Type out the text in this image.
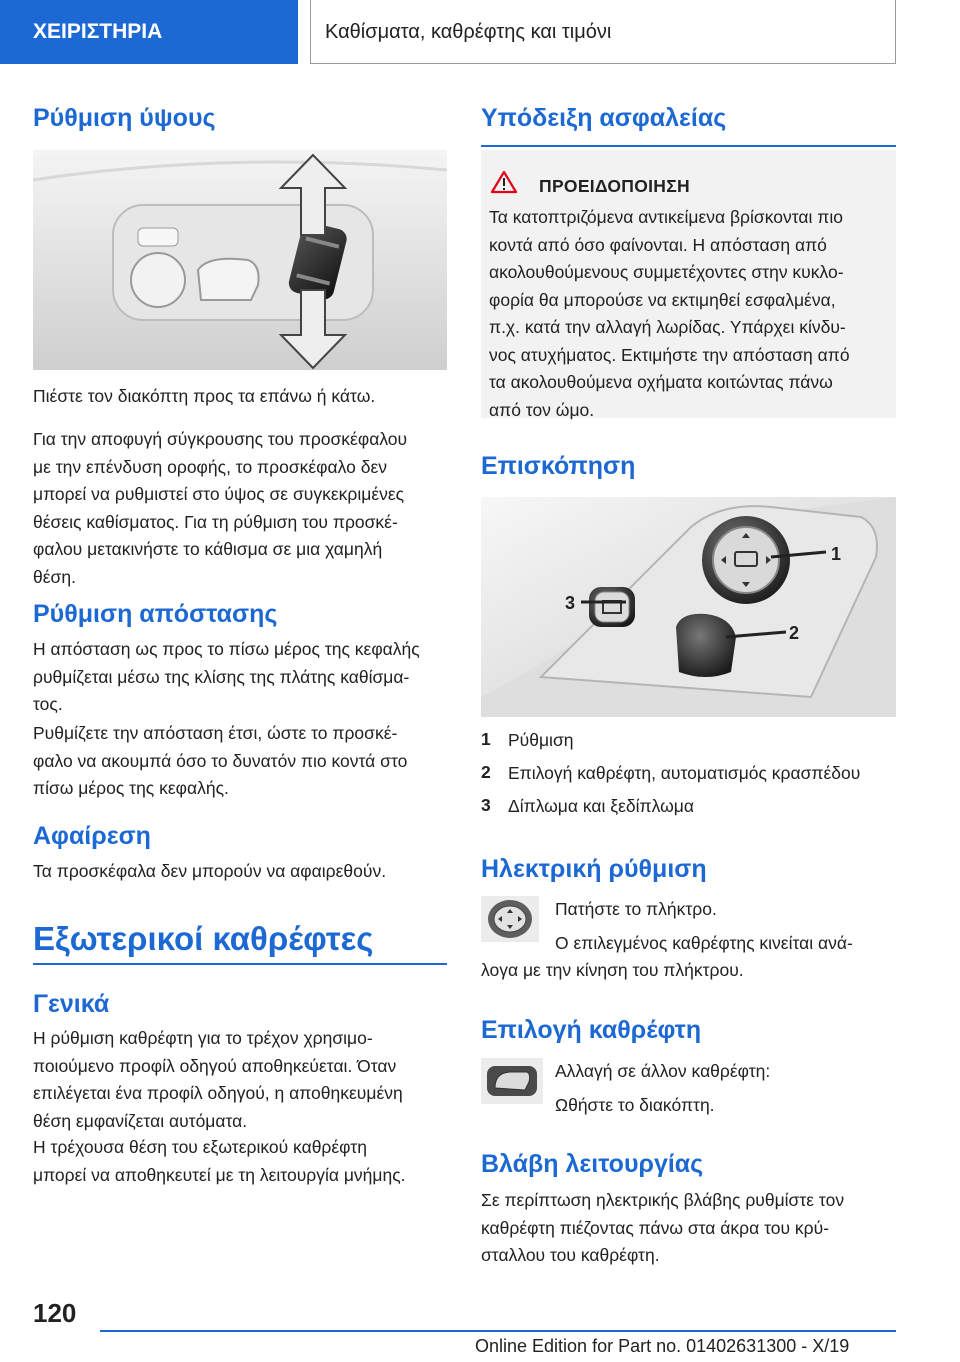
ΧΕΙΡΙΣΤΗΡΙΑ	Καθίσματα, καθρέφτης και τιμόνι
Ρύθμιση ύψους
Πιέστε τον διακόπτη προς τα επάνω ή κάτω.
Για την αποφυγή σύγκρουσης του προσκέφαλου
με την επένδυση οροφής, το προσκέφαλο δεν
μπορεί να ρυθμιστεί στο ύψος σε συγκεκριμένες
θέσεις καθίσματος. Για τη ρύθμιση του προσκέ-
φαλου μετακινήστε το κάθισμα σε μια χαμηλή
θέση.
Ρύθμιση απόστασης
Η απόσταση ως προς το πίσω μέρος της κεφαλής
ρυθμίζεται μέσω της κλίσης της πλάτης καθίσμα-
τος.
Ρυθμίζετε την απόσταση έτσι, ώστε το προσκέ-
φαλο να ακουμπά όσο το δυνατόν πιο κοντά στο
πίσω μέρος της κεφαλής.
Αφαίρεση
Τα προσκέφαλα δεν μπορούν να αφαιρεθούν.
Εξωτερικοί καθρέφτες
Γενικά
Η ρύθμιση καθρέφτη για το τρέχον χρησιμο-
ποιούμενο προφίλ οδηγού αποθηκεύεται. Όταν
επιλέγεται ένα προφίλ οδηγού, η αποθηκευμένη
θέση εμφανίζεται αυτόματα.
Η τρέχουσα θέση του εξωτερικού καθρέφτη
μπορεί να αποθηκευτεί με τη λειτουργία μνήμης.
Υπόδειξη ασφαλείας
ΠΡΟΕΙΔΟΠΟΙΗΣΗ
Τα κατοπτριζόμενα αντικείμενα βρίσκονται πιο
κοντά από όσο φαίνονται. Η απόσταση από
ακολουθούμενους συμμετέχοντες στην κυκλο-
φορία θα μπορούσε να εκτιμηθεί εσφαλμένα,
π.χ. κατά την αλλαγή λωρίδας. Υπάρχει κίνδυ-
νος ατυχήματος. Εκτιμήστε την απόσταση από
τα ακολουθούμενα οχήματα κοιτώντας πάνω
από τον ώμο.
Επισκόπηση
1
2
3
1 Ρύθμιση
2 Επιλογή καθρέφτη, αυτοματισμός κρασπέδου
3 Δίπλωμα και ξεδίπλωμα
Ηλεκτρική ρύθμιση
Πατήστε το πλήκτρο.
Ο επιλεγμένος καθρέφτης κινείται ανά-
λογα με την κίνηση του πλήκτρου.
Επιλογή καθρέφτη
Αλλαγή σε άλλον καθρέφτη:
Ωθήστε το διακόπτη.
Βλάβη λειτουργίας
Σε περίπτωση ηλεκτρικής βλάβης ρυθμίστε τον
καθρέφτη πιέζοντας πάνω στα άκρα του κρύ-
σταλλου του καθρέφτη.
120
Online Edition for Part no. 01402631300 - X/19
